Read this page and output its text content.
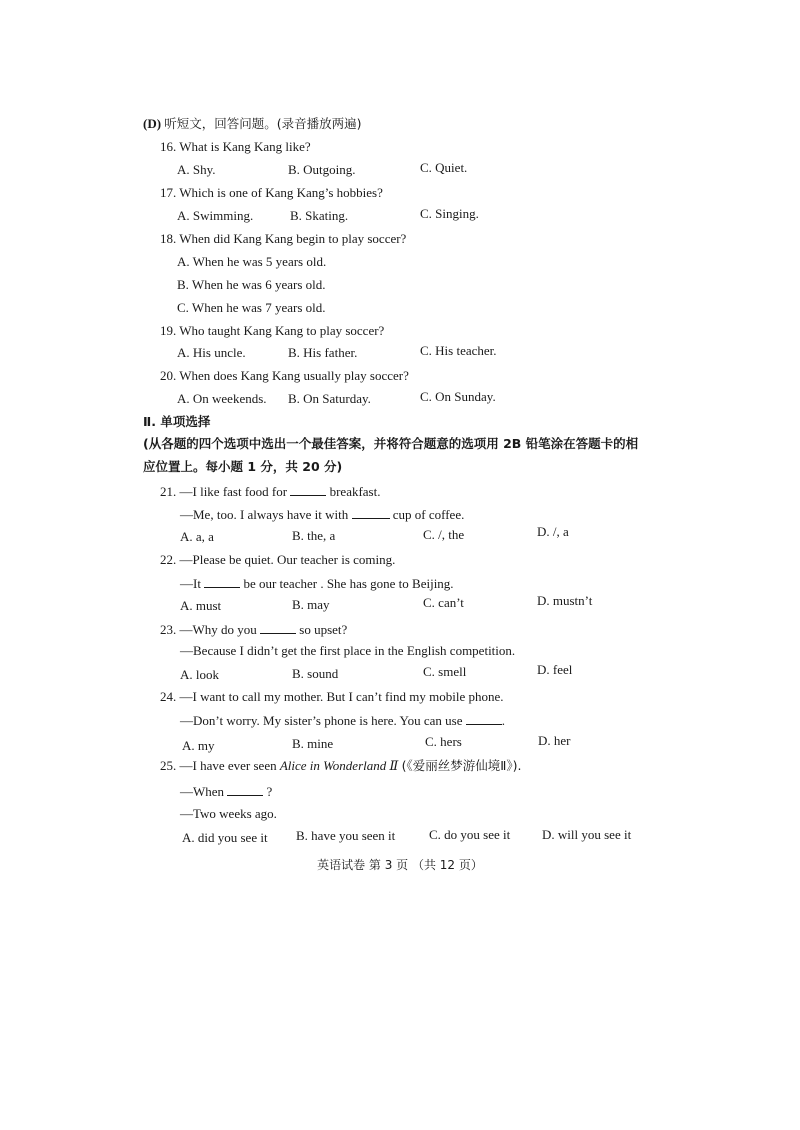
(D) 听短文，回答问题。(录音播放两遍)
16. What is Kang Kang like?
A. Shy.	B. Outgoing.	C. Quiet.
17. Which is one of Kang Kang’s hobbies?
A. Swimming.	B. Skating.	C. Singing.
18. When did Kang Kang begin to play soccer?
A. When he was 5 years old.
B. When he was 6 years old.
C. When he was 7 years old.
19. Who taught Kang Kang to play soccer?
A. His uncle.	B. His father.	C. His teacher.
20. When does Kang Kang usually play soccer?
A. On weekends. B. On Saturday.	C. On Sunday.
Ⅱ. 单项选择
(从各题的四个选项中选出一个最佳答案，并将符合题意的选项用 2B 铅笔涂在答题卡的相
应位置上。每小题 1 分，共 20 分)
21. —I like fast food for	breakfast.
—Me, too. I always have it with	cup of coffee.
A. a, a	B. the, a	C. /, the	D. /, a
22. —Please be quiet. Our teacher is coming.
—It	be our teacher . She has gone to Beijing.
A. must	B. may	C. can’t	D. mustn’t
23. —Why do you	so upset?
—Because I didn’t get the first place in the English competition.
A. look	B. sound	C. smell	D. feel
24. —I want to call my mother. But I can’t find my mobile phone.
—Don’t worry. My sister’s phone is here. You can use	.
A. my	B. mine	C. hers	D. her
25. —I have ever seen Alice in Wonderland Ⅱ (《爱丽丝梦游仙境Ⅱ》).
—When	?
—Two weeks ago.
A. did you see it B. have you seen it	C. do you see it D. will you see it
英语试卷 第 3 页 （共 12 页）
